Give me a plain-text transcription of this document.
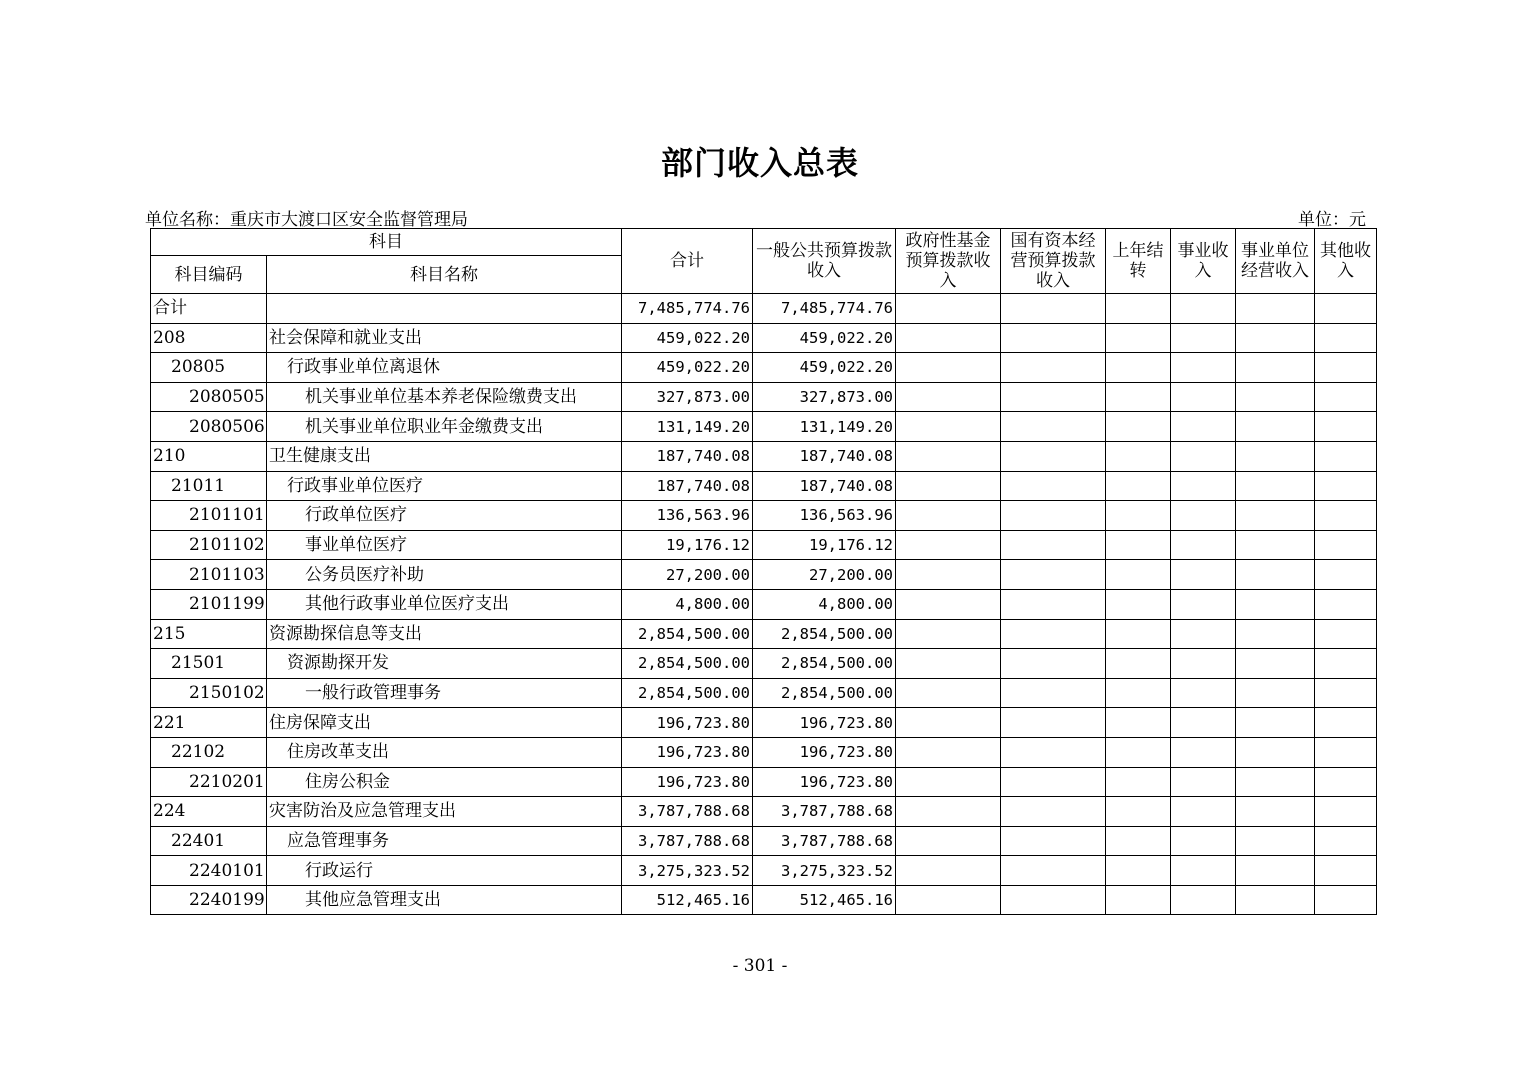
部门收入总表
单位名称：重庆市大渡口区安全监督管理局	单位：元
科目		合计	一般公共预算拨款收入	政府性基金预算拨款收入	国有资本经营预算拨款收入	上年结转	事业收入	事业单位经营收入	其他收入
科目编码	科目名称								
合计		7,485,774.76	7,485,774.76						
208	社会保障和就业支出	459,022.20	459,022.20						
20805	行政事业单位离退休	459,022.20	459,022.20						
2080505	机关事业单位基本养老保险缴费支出	327,873.00	327,873.00						
2080506	机关事业单位职业年金缴费支出	131,149.20	131,149.20						
210	卫生健康支出	187,740.08	187,740.08						
21011	行政事业单位医疗	187,740.08	187,740.08						
2101101	行政单位医疗	136,563.96	136,563.96						
2101102	事业单位医疗	19,176.12	19,176.12						
2101103	公务员医疗补助	27,200.00	27,200.00						
2101199	其他行政事业单位医疗支出	4,800.00	4,800.00						
215	资源勘探信息等支出	2,854,500.00	2,854,500.00						
21501	资源勘探开发	2,854,500.00	2,854,500.00						
2150102	一般行政管理事务	2,854,500.00	2,854,500.00						
221	住房保障支出	196,723.80	196,723.80						
22102	住房改革支出	196,723.80	196,723.80						
2210201	住房公积金	196,723.80	196,723.80						
224	灾害防治及应急管理支出	3,787,788.68	3,787,788.68						
22401	应急管理事务	3,787,788.68	3,787,788.68						
2240101	行政运行	3,275,323.52	3,275,323.52						
2240199	其他应急管理支出	512,465.16	512,465.16						
- 301 -
